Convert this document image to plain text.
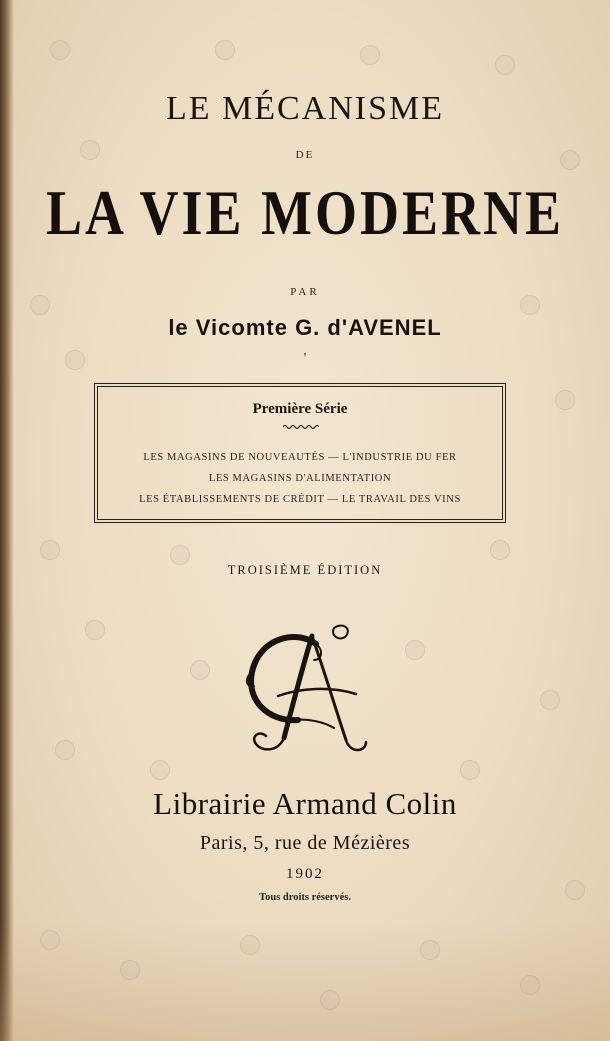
LE MÉCANISME
DE
LA VIE MODERNE
PAR
le Vicomte G. d'AVENEL
'
Première Série
LES MAGASINS DE NOUVEAUTÉS — L'INDUSTRIE DU FER
LES MAGASINS D'ALIMENTATION
LES ÉTABLISSEMENTS DE CRÉDIT — LE TRAVAIL DES VINS
TROISIÈME ÉDITION
Librairie Armand Colin
Paris, 5, rue de Mézières
1902
Tous droits réservés.
